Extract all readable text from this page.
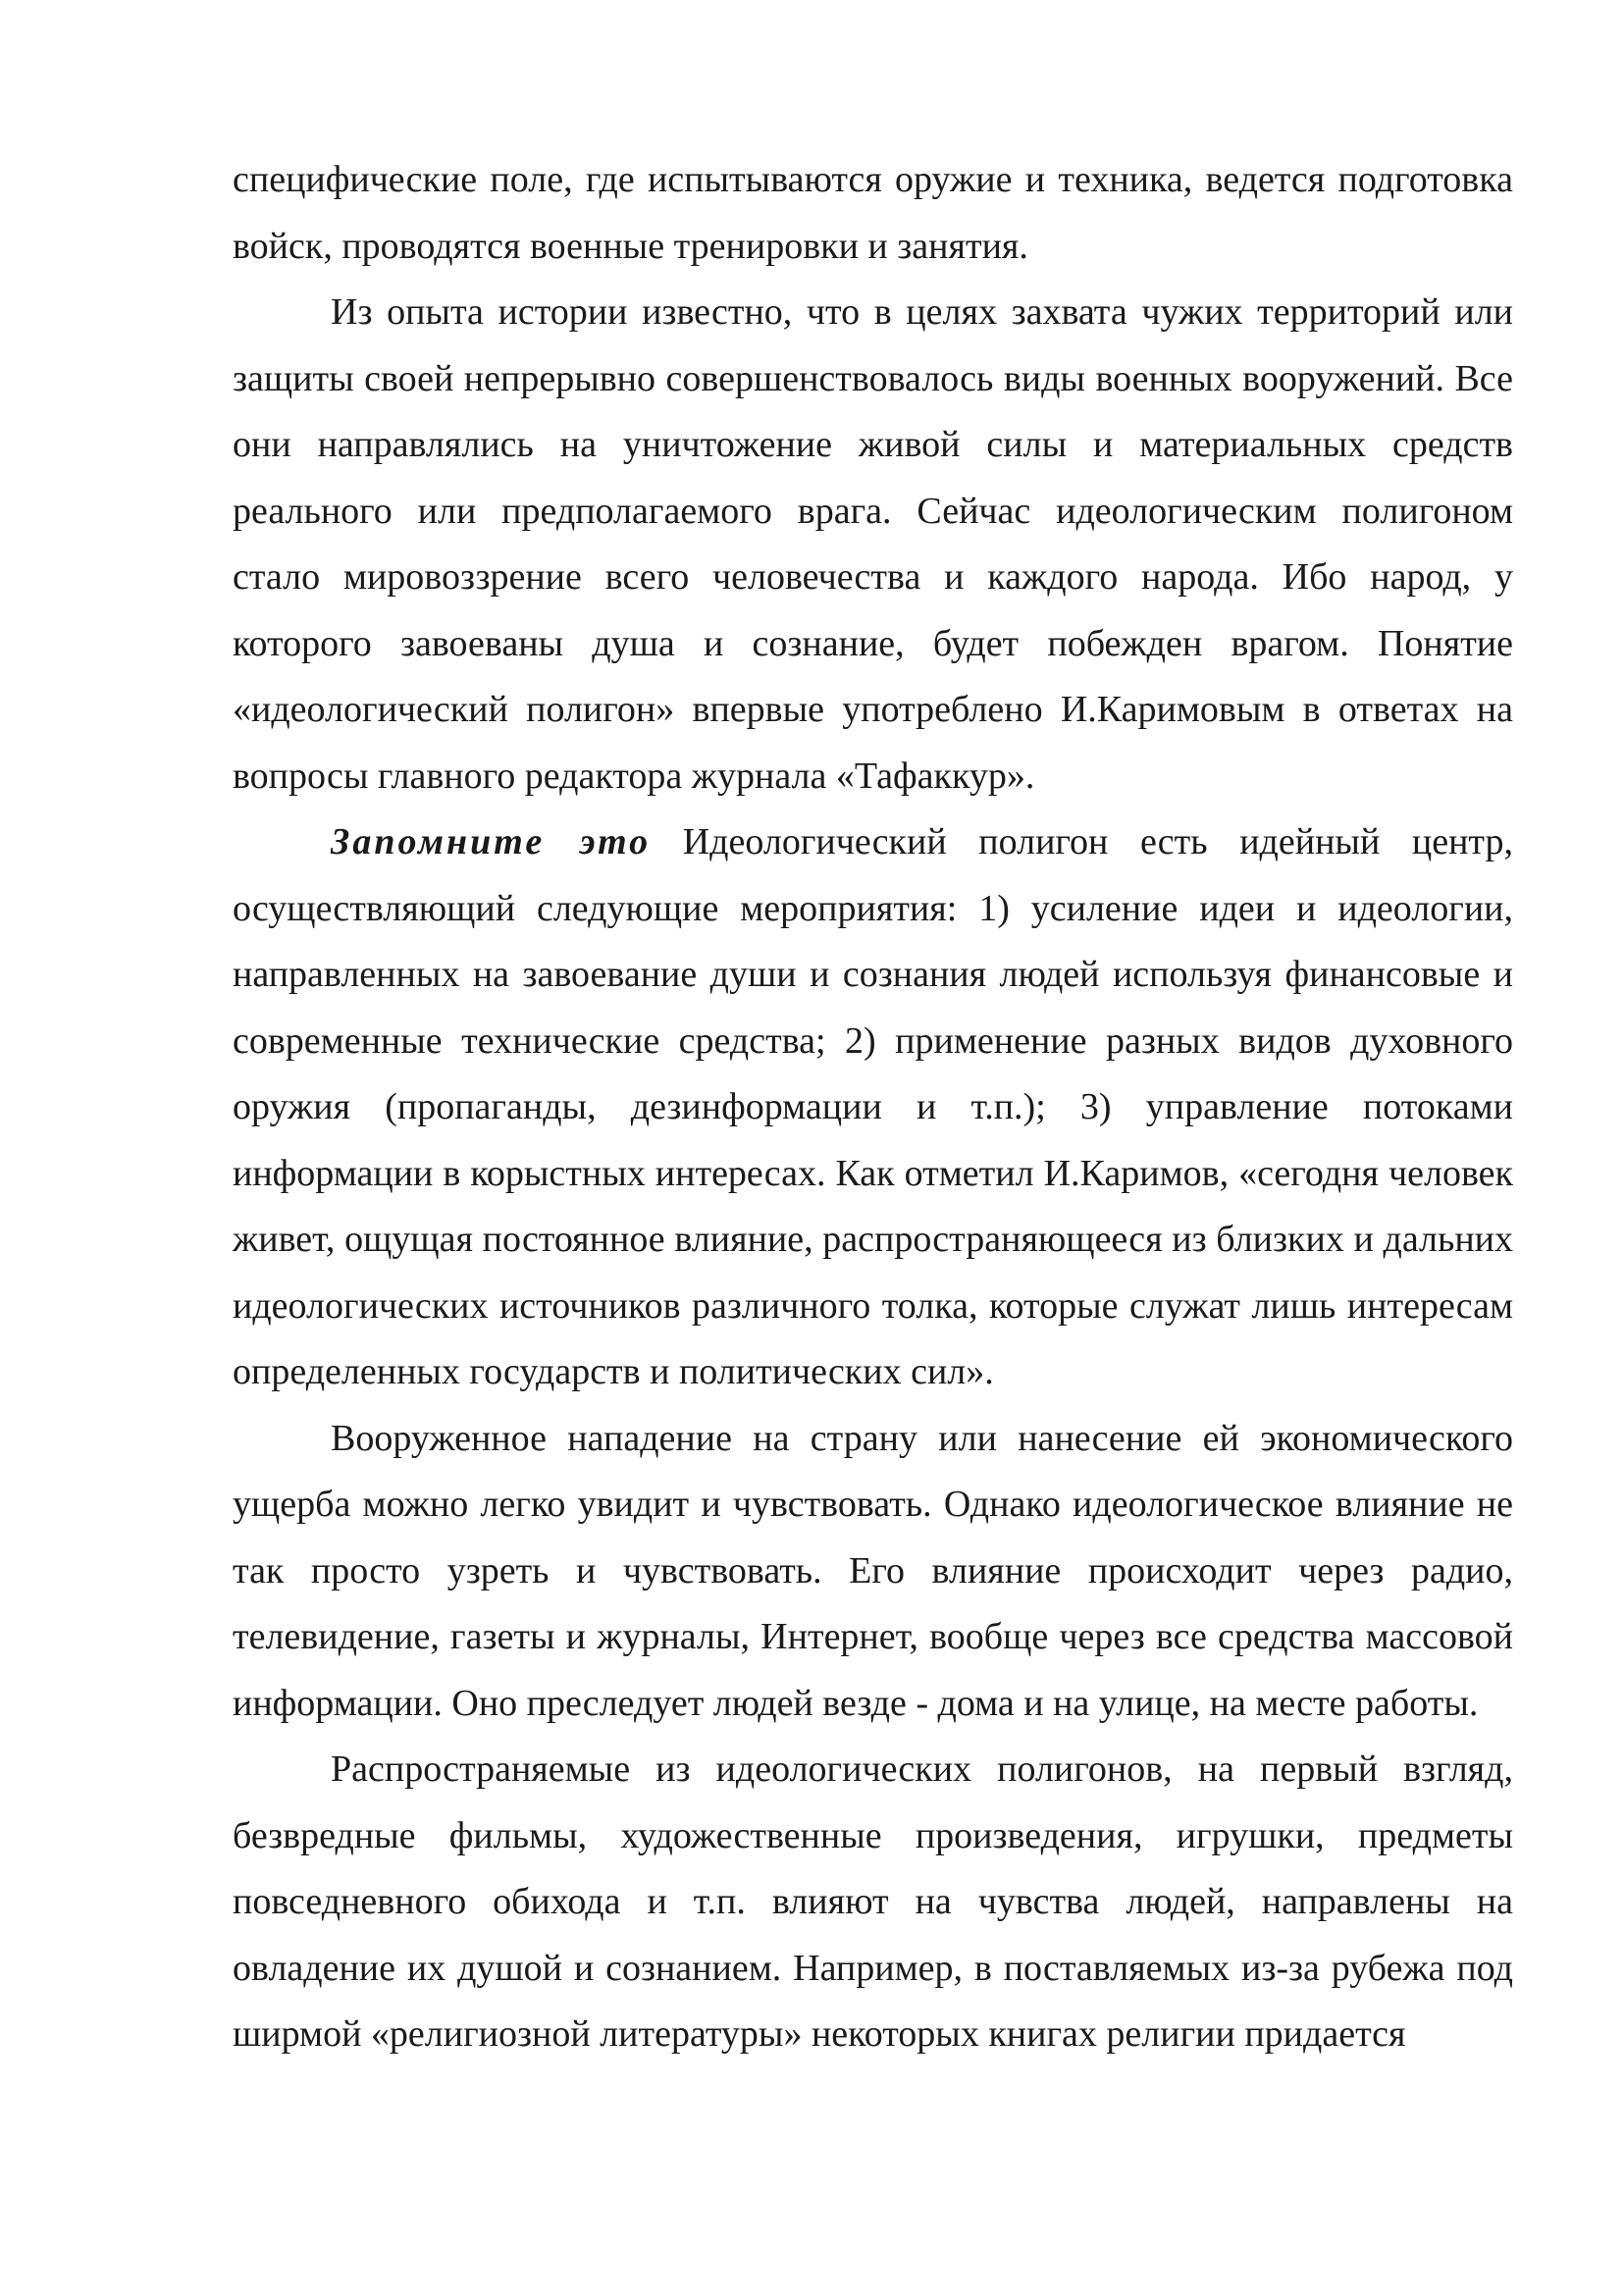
специфические поле, где испытываются оружие и техника, ведется подготовка войск, проводятся военные тренировки и занятия.

Из опыта истории известно, что в целях захвата чужих территорий или защиты своей непрерывно совершенствовалось виды военных вооружений. Все они направлялись на уничтожение живой силы и материальных средств реального или предполагаемого врага. Сейчас идеологическим полигоном стало мировоззрение всего человечества и каждого народа. Ибо народ, у которого завоеваны душа и сознание, будет побежден врагом. Понятие «идеологический полигон» впервые употреблено И.Каримовым в ответах на вопросы главного редактора журнала «Тафаккур».

Запомните это Идеологический полигон есть идейный центр, осуществляющий следующие мероприятия: 1) усиление идеи и идеологии, направленных на завоевание души и сознания людей используя финансовые и современные технические средства; 2) применение разных видов духовного оружия (пропаганды, дезинформации и т.п.); 3) управление потоками информации в корыстных интересах. Как отметил И.Каримов, «сегодня человек живет, ощущая постоянное влияние, распространяющееся из близких и дальних идеологических источников различного толка, которые служат лишь интересам определенных государств и политических сил».

Вооруженное нападение на страну или нанесение ей экономического ущерба можно легко увидит и чувствовать. Однако идеологическое влияние не так просто узреть и чувствовать. Его влияние происходит через радио, телевидение, газеты и журналы, Интернет, вообще через все средства массовой информации. Оно преследует людей везде - дома и на улице, на месте работы.

Распространяемые из идеологических полигонов, на первый взгляд, безвредные фильмы, художественные произведения, игрушки, предметы повседневного обихода и т.п. влияют на чувства людей, направлены на овладение их душой и сознанием. Например, в поставляемых из-за рубежа под ширмой «религиозной литературы» некоторых книгах религии придается
